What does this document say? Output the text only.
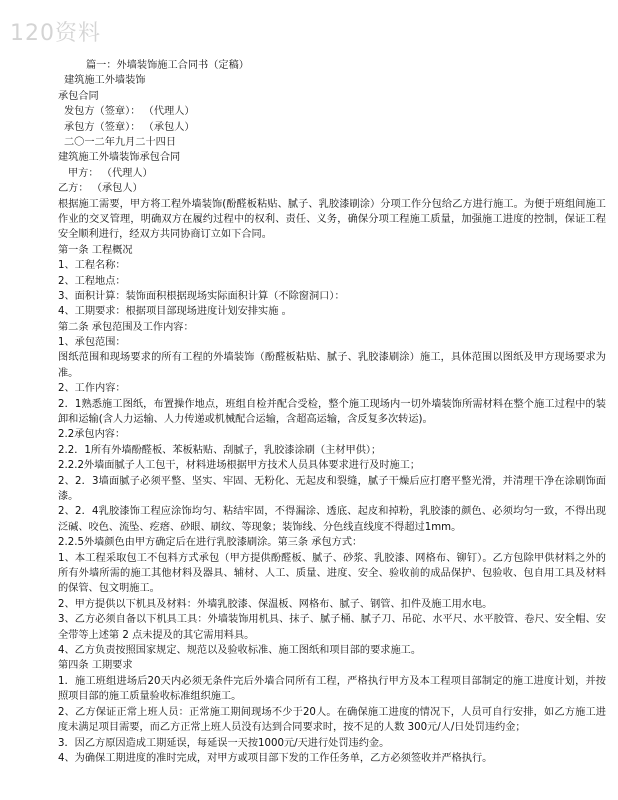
120资料
篇一：外墙装饰施工合同书（定稿）
建筑施工外墙装饰
承包合同
发包方（签章）： （代理人）
承包方（签章）： （承包人）
二〇一二年九月二十四日
建筑施工外墙装饰承包合同
甲方： （代理人）
乙方： （承包人）
根据施工需要，甲方将工程外墙装饰(酚醛板粘贴、腻子、乳胶漆刷涂）分项工作分包给乙方进行施工。为便于班组间施工作业的交叉管理，明确双方在履约过程中的权利、责任、义务，确保分项工程施工质量，加强施工进度的控制，保证工程安全顺利进行，经双方共同协商订立如下合同。
第一条 工程概况
1、工程名称：
2、工程地点：
3、面积计算：装饰面积根据现场实际面积计算（不除窗洞口）：
4、工期要求：根据项目部现场进度计划安排实施 。
第二条 承包范围及工作内容：
1、承包范围：
图纸范围和现场要求的所有工程的外墙装饰（酚醛板粘贴、腻子、乳胶漆刷涂）施工，具体范围以图纸及甲方现场要求为准。
2、工作内容：
2．1熟悉施工图纸，布置操作地点，班组自检并配合受检，整个施工现场内一切外墙装饰所需材料在整个施工过程中的装卸和运输(含人力运输、人力传递或机械配合运输，含超高运输，含反复多次转运)。
2.2承包内容：
2.2．1所有外墙酚醛板、苯板粘贴、刮腻子，乳胶漆涂刷（主材甲供）；
2.2.2外墙面腻子人工包干，材料进场根据甲方技术人员具体要求进行及时施工；
2、2．3墙面腻子必须平整、坚实、牢固、无粉化、无起皮和裂缝，腻子干燥后应打磨平整光滑，并清理干净在涂刷饰面漆。
2、2．4乳胶漆饰工程应涂饰均匀、粘结牢固，不得漏涂、透底、起皮和掉粉，乳胶漆的颜色、必须均匀一致，不得出现泛碱、咬色、流坠、疙瘩、砂眼、刷纹、等现象；装饰线、分色线直线度不得超过1mm。
2.2.5外墙颜色由甲方确定后在进行乳胶漆刷涂。第三条 承包方式：
1、本工程采取包工不包料方式承包（甲方提供酚醛板、腻子、砂浆、乳胶漆、网格布、铆钉）。乙方包除甲供材料之外的所有外墙所需的施工其他材料及器具、辅材、人工、质量、进度、安全、验收前的成品保护、包验收、包自用工具及材料的保管、包文明施工。
2、甲方提供以下机具及材料：外墙乳胶漆、保温板、网格布、腻子、钢管、扣件及施工用水电。
3、乙方必须自备以下机具工具：外墙装饰用机具、抹子、腻子桶、腻子刀、吊砣、水平尺、水平胶管、卷尺、安全帽、安全带等上述第 2 点未提及的其它需用料具。
4、乙方负责按照国家规定、规范以及验收标准、施工图纸和项目部的要求施工。
第四条 工期要求
1．施工班组进场后20天内必须无条件完后外墙合同所有工程，严格执行甲方及本工程项目部制定的施工进度计划，并按照项目部的施工质量验收标准组织施工。
2、乙方保证正常上班人员：正常施工期间现场不少于20人。在确保施工进度的情况下，人员可自行安排，如乙方施工进度未满足项目需要，而乙方正常上班人员没有达到合同要求时，按不足的人数 300元/人/日处罚违约金；
3．因乙方原因造成工期延误，每延误一天按1000元/天进行处罚违约金。
4、为确保工期进度的准时完成，对甲方或项目部下发的工作任务单，乙方必须签收并严格执行。
